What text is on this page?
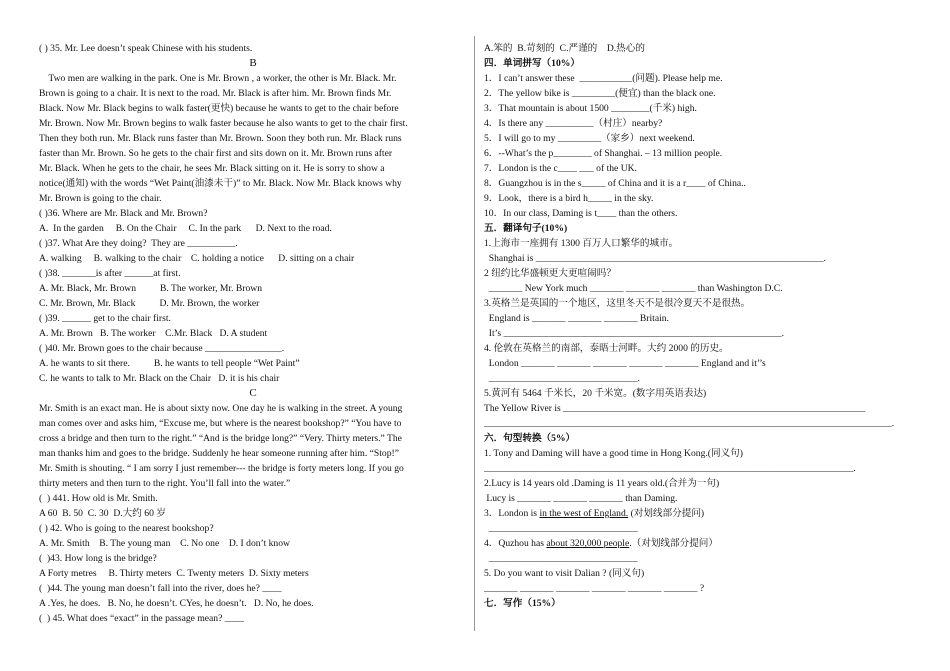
( ) 35. Mr. Lee doesn’t speak Chinese with his students.
B
Two men are walking in the park. One is Mr. Brown , a worker, the other is Mr. Black. Mr.
Brown is going to a chair. It is next to the road. Mr. Black is after him. Mr. Brown finds Mr.
Black. Now Mr. Black begins to walk faster(更快) because he wants to get to the chair before
Mr. Brown. Now Mr. Brown begins to walk faster because he also wants to get to the chair first.
Then they both run. Mr. Black runs faster than Mr. Brown. Soon they both run. Mr. Black runs
faster than Mr. Brown. So he gets to the chair first and sits down on it. Mr. Brown runs after
Mr. Black. When he gets to the chair, he sees Mr. Black sitting on it. He is sorry to show a
notice(通知) with the words “Wet Paint(油漆未干)” to Mr. Black. Now Mr. Black knows why
Mr. Brown is going to the chair.
( )36. Where are Mr. Black and Mr. Brown?
A.  In the garden     B. On the Chair     C. In the park      D. Next to the road.
( )37. What Are they doing?  They are __________.
A. walking     B. walking to the chair    C. holding a notice      D. sitting on a chair
( )38. _______is after ______at first.
A. Mr. Black, Mr. Brown          B. The worker, Mr. Brown
C. Mr. Brown, Mr. Black          D. Mr. Brown, the worker
( )39. ______ get to the chair first.
A. Mr. Brown   B. The worker    C.Mr. Black   D. A student
( )40. Mr. Brown goes to the chair because ________________.
A. he wants to sit there.          B. he wants to tell people “Wet Paint”
C. he wants to talk to Mr. Black on the Chair   D. it is his chair
C
Mr. Smith is an exact man. He is about sixty now. One day he is walking in the street. A young
man comes over and asks him, “Excuse me, but where is the nearest bookshop?” “You have to
cross a bridge and then turn to the right.” “And is the bridge long?” “Very. Thirty meters.” The
man thanks him and goes to the bridge. Suddenly he hear someone running after him. “Stop!”
Mr. Smith is shouting. “ I am sorry I just remember--- the bridge is forty meters long. If you go
thirty meters and then turn to the right. You’ll fall into the water.”
(  ) 441. How old is Mr. Smith.
A 60  B. 50  C. 30  D.大约 60 岁
( ) 42. Who is going to the nearest bookshop?
A. Mr. Smith    B. The young man    C. No one    D. I don’t know
(  )43. How long is the bridge?
A Forty metres     B. Thirty meters  C. Twenty meters  D. Sixty meters
(  )44. The young man doesn’t fall into the river, does he? ____
A .Yes, he does.   B. No, he doesn’t. CYes, he doesn’t.   D. No, he does.
(  ) 45. What does “exact” in the passage mean? ____
A.笨的  B.苛刻的  C.严谨的    D.热心的
四．单词拼写（10%）
1．I can’t answer these  ___________(问题). Please help me.
2．The yellow bike is _________(便宜) than the black one.
3．That mountain is about 1500 ________(千米) high.
4．Is there any __________（村庄）nearby?
5．I will go to my _________（家乡）next weekend.
6．--What’s the p________ of Shanghai. – 13 million people.
7．London is the c____ ___ of the UK.
8．Guangzhou is in the s_____ of China and it is a r____ of China..
9．Look，there is a bird h_____ in the sky.
10．In our class, Daming is t____ than the others.
五．翻译句子(10%)
1.上海市一座拥有 1300 百万人口繁华的城市。
Shanghai is ____________________________________________________________.
2 纽约比华盛顿更大更喧闹吗？
_______ New York much _______ _______ _______ than Washington D.C.
3.英格兰是英国的一个地区，这里冬天不是很冷夏天不是很热。
England is _______ _______ _______ Britain.
It’s __________________________________________________________.
4. 伦敦在英格兰的南部，泰晤士河畔。大约 2000 的历史。
London _______ _______ _______ _______ _______ England and it’’s
_______________________________.
5.黄河有 5464 千米长，20 千米宽。(数字用英语表达)
The Yellow River is _______________________________________________________________
_____________________________________________________________________________________.
六．句型转换（5%）
1. Tony and Daming will have a good time in Hong Kong.(同义句)
_____________________________________________________________________________.
2.Lucy is 14 years old .Daming is 11 years old.(合并为一句)
Lucy is _______ _______ _______ than Daming.
3．London is in the west of England. (对划线部分提问)
_______________________________
4．Quzhou has about 320,000 people.（对划线部分提问）
_______________________________
5. Do you want to visit Dalian ? (同义句)
_______ _______ _______ _______ _______ _______ ?
七．写作（15%）
